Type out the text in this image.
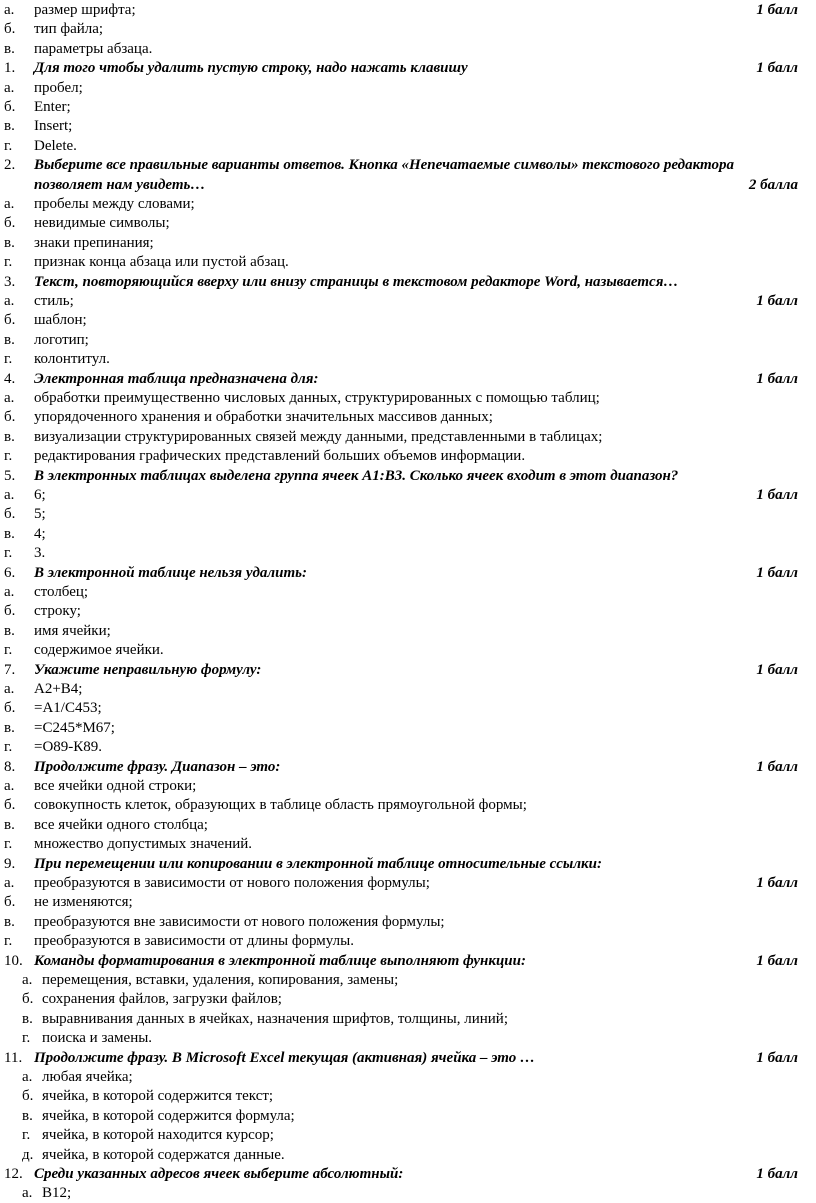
а. размер шрифта;	1 балл
б. тип файла;
в. параметры абзаца.
1. Для того чтобы удалить пустую строку, надо нажать клавишу	1 балл
а. пробел;
б. Enter;
в. Insert;
г. Delete.
2. Выберите все правильные варианты ответов. Кнопка «Непечатаемые символы» текстового редактора
позволяет нам увидеть…	2 балла
а. пробелы между словами;
б. невидимые символы;
в. знаки препинания;
г. признак конца абзаца или пустой абзац.
3. Текст, повторяющийся вверху или внизу страницы в текстовом редакторе Word, называется…
а. стиль;	1 балл
б. шаблон;
в. логотип;
г. колонтитул.
4. Электронная таблица предназначена для:	1 балл
а. обработки преимущественно числовых данных, структурированных с помощью таблиц;
б. упорядоченного хранения и обработки значительных массивов данных;
в. визуализации структурированных связей между данными, представленными в таблицах;
г. редактирования графических представлений больших объемов информации.
5. В электронных таблицах выделена группа ячеек А1:В3. Сколько ячеек входит в этот диапазон?
а. 6;	1 балл
б. 5;
в. 4;
г. 3.
6. В электронной таблице нельзя удалить:	1 балл
а. столбец;
б. строку;
в. имя ячейки;
г. содержимое ячейки.
7. Укажите неправильную формулу:	1 балл
а. А2+В4;
б. =А1/С453;
в. =С245*М67;
г. =О89-К89.
8. Продолжите фразу. Диапазон – это:	1 балл
а. все ячейки одной строки;
б. совокупность клеток, образующих в таблице область прямоугольной формы;
в. все ячейки одного столбца;
г. множество допустимых значений.
9. При перемещении или копировании в электронной таблице относительные ссылки:
а. преобразуются в зависимости от нового положения формулы;	1 балл
б. не изменяются;
в. преобразуются вне зависимости от нового положения формулы;
г. преобразуются в зависимости от длины формулы.
10. Команды форматирования в электронной таблице выполняют функции:	1 балл
а. перемещения, вставки, удаления, копирования, замены;
б. сохранения файлов, загрузки файлов;
в. выравнивания данных в ячейках, назначения шрифтов, толщины, линий;
г. поиска и замены.
11. Продолжите фразу. В Microsoft Excel текущая (активная) ячейка – это …	1 балл
а. любая ячейка;
б. ячейка, в которой содержится текст;
в. ячейка, в которой содержится формула;
г. ячейка, в которой находится курсор;
д. ячейка, в которой содержатся данные.
12. Среди указанных адресов ячеек выберите абсолютный:	1 балл
а. В12;
